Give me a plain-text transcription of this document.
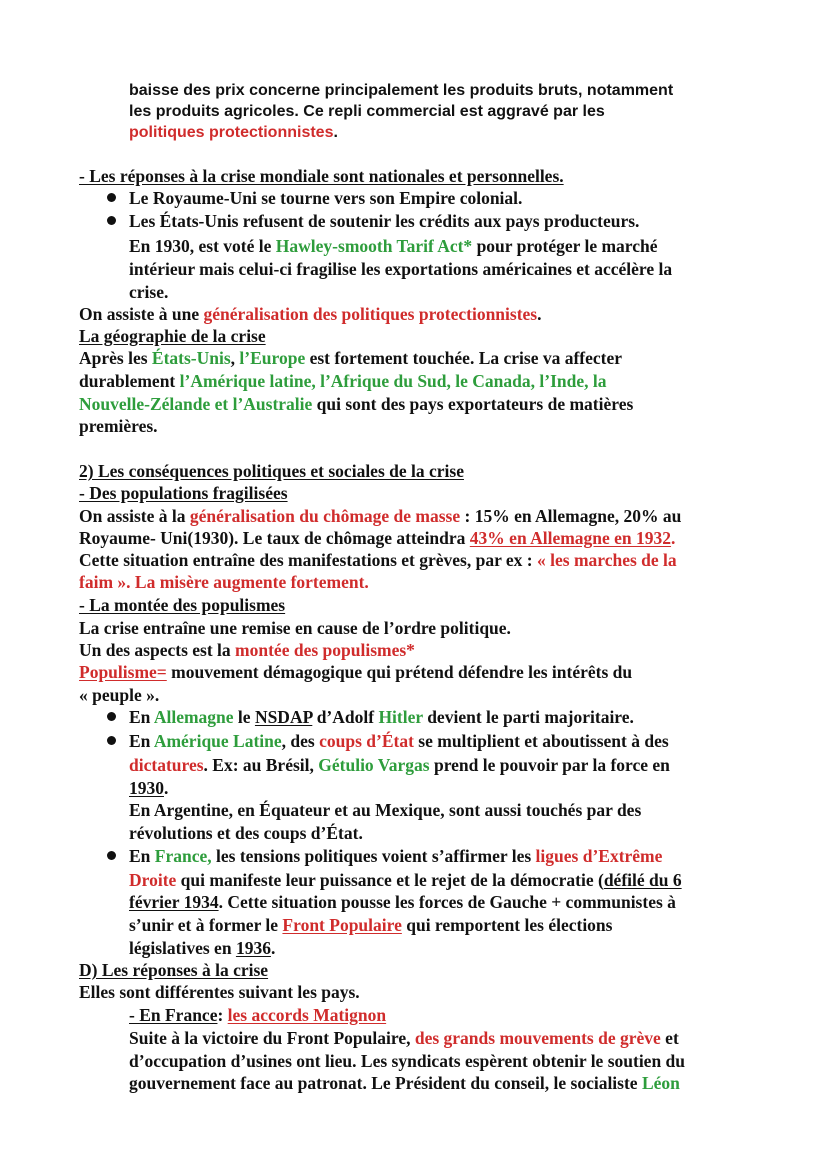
baisse des prix concerne principalement les produits bruts, notamment
les produits agricoles. Ce repli commercial est aggravé par les
politiques protectionnistes.
- Les réponses à la crise mondiale sont nationales et personnelles.
Le Royaume-Uni se tourne vers son Empire colonial.
Les États-Unis refusent de soutenir les crédits aux pays producteurs.
En 1930, est voté le Hawley-smooth Tarif Act* pour protéger le marché
intérieur mais celui-ci fragilise les exportations américaines et accélère la
crise.
On assiste à une généralisation des politiques protectionnistes.
La géographie de la crise
Après les États-Unis, l’Europe est fortement touchée. La crise va affecter
durablement l’Amérique latine, l’Afrique du Sud, le Canada, l’Inde, la
Nouvelle-Zélande et l’Australie qui sont des pays exportateurs de matières
premières.
2) Les conséquences politiques et sociales de la crise
- Des populations fragilisées
On assiste à la généralisation du chômage de masse : 15% en Allemagne, 20% au
Royaume- Uni(1930). Le taux de chômage atteindra 43% en Allemagne en 1932.
Cette situation entraîne des manifestations et grèves, par ex : « les marches de la
faim ». La misère augmente fortement.
- La montée des populismes
La crise entraîne une remise en cause de l’ordre politique.
Un des aspects est la montée des populismes*
Populisme= mouvement démagogique qui prétend défendre les intérêts du
« peuple ».
En Allemagne le NSDAP d’Adolf Hitler devient le parti majoritaire.
En Amérique Latine, des coups d’État se multiplient et aboutissent à des
dictatures. Ex: au Brésil, Gétulio Vargas prend le pouvoir par la force en
1930.
En Argentine, en Équateur et au Mexique, sont aussi touchés par des
révolutions et des coups d’État.
En France, les tensions politiques voient s’affirmer les ligues d’Extrême
Droite qui manifeste leur puissance et le rejet de la démocratie (défilé du 6
février 1934. Cette situation pousse les forces de Gauche + communistes à
s’unir et à former le Front Populaire qui remportent les élections
législatives en 1936.
D) Les réponses à la crise
Elles sont différentes suivant les pays.
- En France: les accords Matignon
Suite à la victoire du Front Populaire, des grands mouvements de grève et
d’occupation d’usines ont lieu. Les syndicats espèrent obtenir le soutien du
gouvernement face au patronat. Le Président du conseil, le socialiste Léon
